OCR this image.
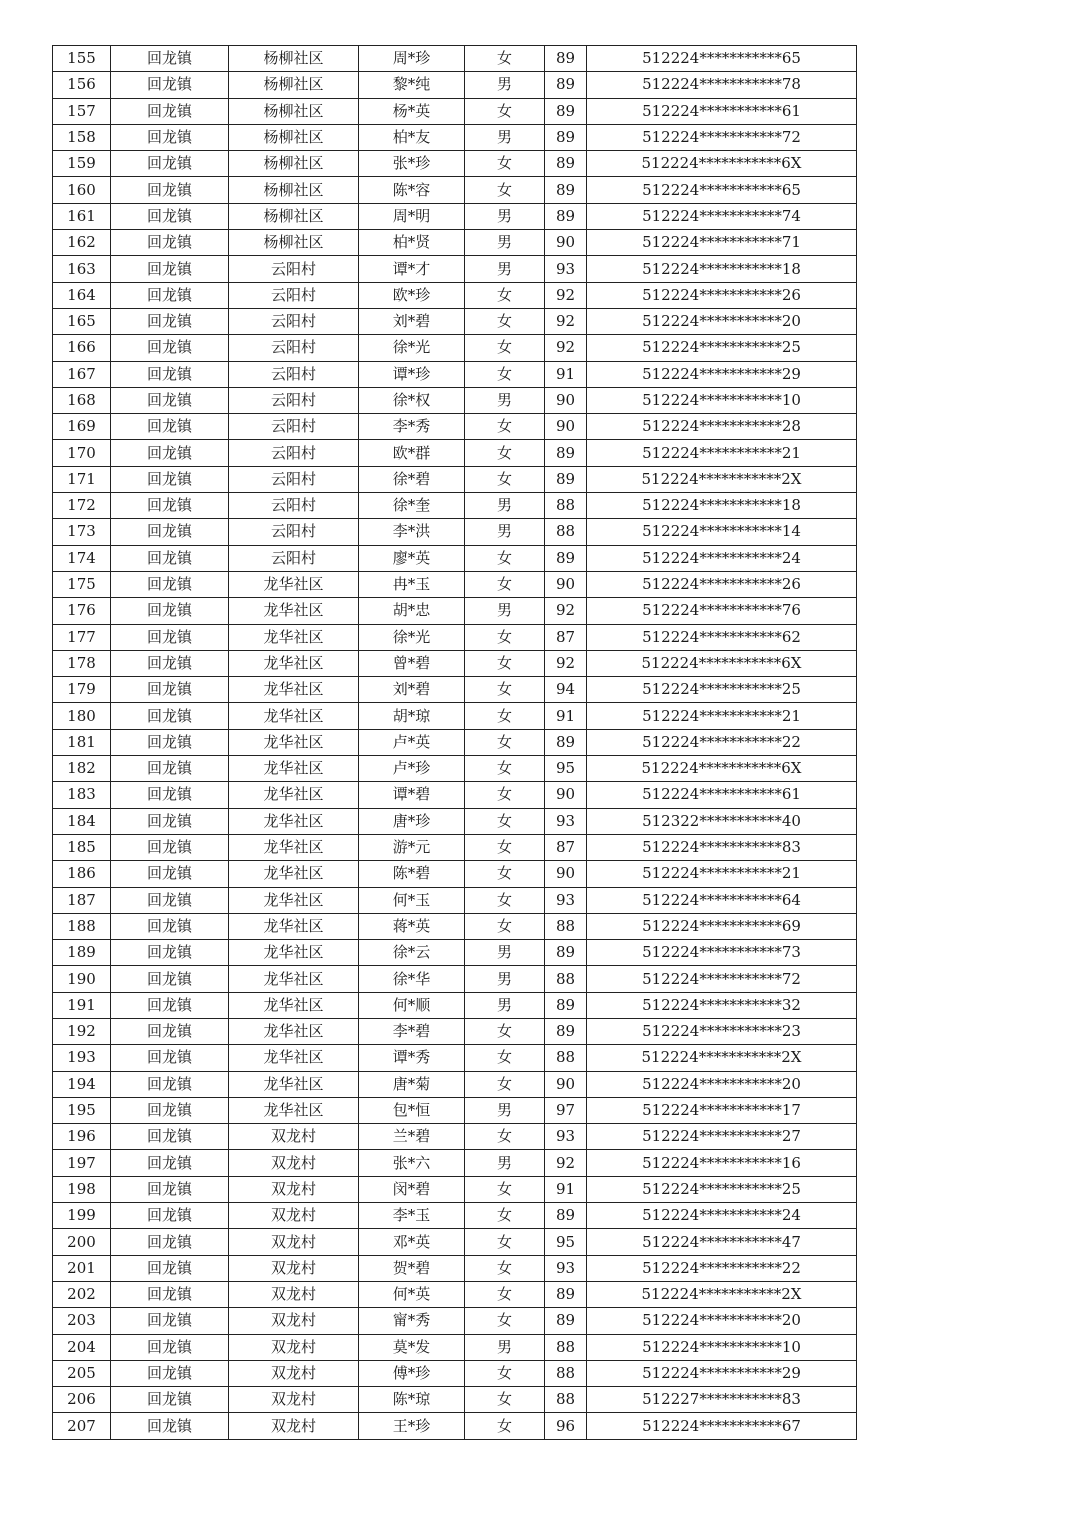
155	回龙镇	杨柳社区	周*珍	女	89	512224***********65
156	回龙镇	杨柳社区	黎*纯	男	89	512224***********78
157	回龙镇	杨柳社区	杨*英	女	89	512224***********61
158	回龙镇	杨柳社区	柏*友	男	89	512224***********72
159	回龙镇	杨柳社区	张*珍	女	89	512224***********6X
160	回龙镇	杨柳社区	陈*容	女	89	512224***********65
161	回龙镇	杨柳社区	周*明	男	89	512224***********74
162	回龙镇	杨柳社区	柏*贤	男	90	512224***********71
163	回龙镇	云阳村	谭*才	男	93	512224***********18
164	回龙镇	云阳村	欧*珍	女	92	512224***********26
165	回龙镇	云阳村	刘*碧	女	92	512224***********20
166	回龙镇	云阳村	徐*光	女	92	512224***********25
167	回龙镇	云阳村	谭*珍	女	91	512224***********29
168	回龙镇	云阳村	徐*权	男	90	512224***********10
169	回龙镇	云阳村	李*秀	女	90	512224***********28
170	回龙镇	云阳村	欧*群	女	89	512224***********21
171	回龙镇	云阳村	徐*碧	女	89	512224***********2X
172	回龙镇	云阳村	徐*奎	男	88	512224***********18
173	回龙镇	云阳村	李*洪	男	88	512224***********14
174	回龙镇	云阳村	廖*英	女	89	512224***********24
175	回龙镇	龙华社区	冉*玉	女	90	512224***********26
176	回龙镇	龙华社区	胡*忠	男	92	512224***********76
177	回龙镇	龙华社区	徐*光	女	87	512224***********62
178	回龙镇	龙华社区	曾*碧	女	92	512224***********6X
179	回龙镇	龙华社区	刘*碧	女	94	512224***********25
180	回龙镇	龙华社区	胡*琼	女	91	512224***********21
181	回龙镇	龙华社区	卢*英	女	89	512224***********22
182	回龙镇	龙华社区	卢*珍	女	95	512224***********6X
183	回龙镇	龙华社区	谭*碧	女	90	512224***********61
184	回龙镇	龙华社区	唐*珍	女	93	512322***********40
185	回龙镇	龙华社区	游*元	女	87	512224***********83
186	回龙镇	龙华社区	陈*碧	女	90	512224***********21
187	回龙镇	龙华社区	何*玉	女	93	512224***********64
188	回龙镇	龙华社区	蒋*英	女	88	512224***********69
189	回龙镇	龙华社区	徐*云	男	89	512224***********73
190	回龙镇	龙华社区	徐*华	男	88	512224***********72
191	回龙镇	龙华社区	何*顺	男	89	512224***********32
192	回龙镇	龙华社区	李*碧	女	89	512224***********23
193	回龙镇	龙华社区	谭*秀	女	88	512224***********2X
194	回龙镇	龙华社区	唐*菊	女	90	512224***********20
195	回龙镇	龙华社区	包*恒	男	97	512224***********17
196	回龙镇	双龙村	兰*碧	女	93	512224***********27
197	回龙镇	双龙村	张*六	男	92	512224***********16
198	回龙镇	双龙村	闵*碧	女	91	512224***********25
199	回龙镇	双龙村	李*玉	女	89	512224***********24
200	回龙镇	双龙村	邓*英	女	95	512224***********47
201	回龙镇	双龙村	贺*碧	女	93	512224***********22
202	回龙镇	双龙村	何*英	女	89	512224***********2X
203	回龙镇	双龙村	甯*秀	女	89	512224***********20
204	回龙镇	双龙村	莫*发	男	88	512224***********10
205	回龙镇	双龙村	傅*珍	女	88	512224***********29
206	回龙镇	双龙村	陈*琼	女	88	512227***********83
207	回龙镇	双龙村	王*珍	女	96	512224***********67
